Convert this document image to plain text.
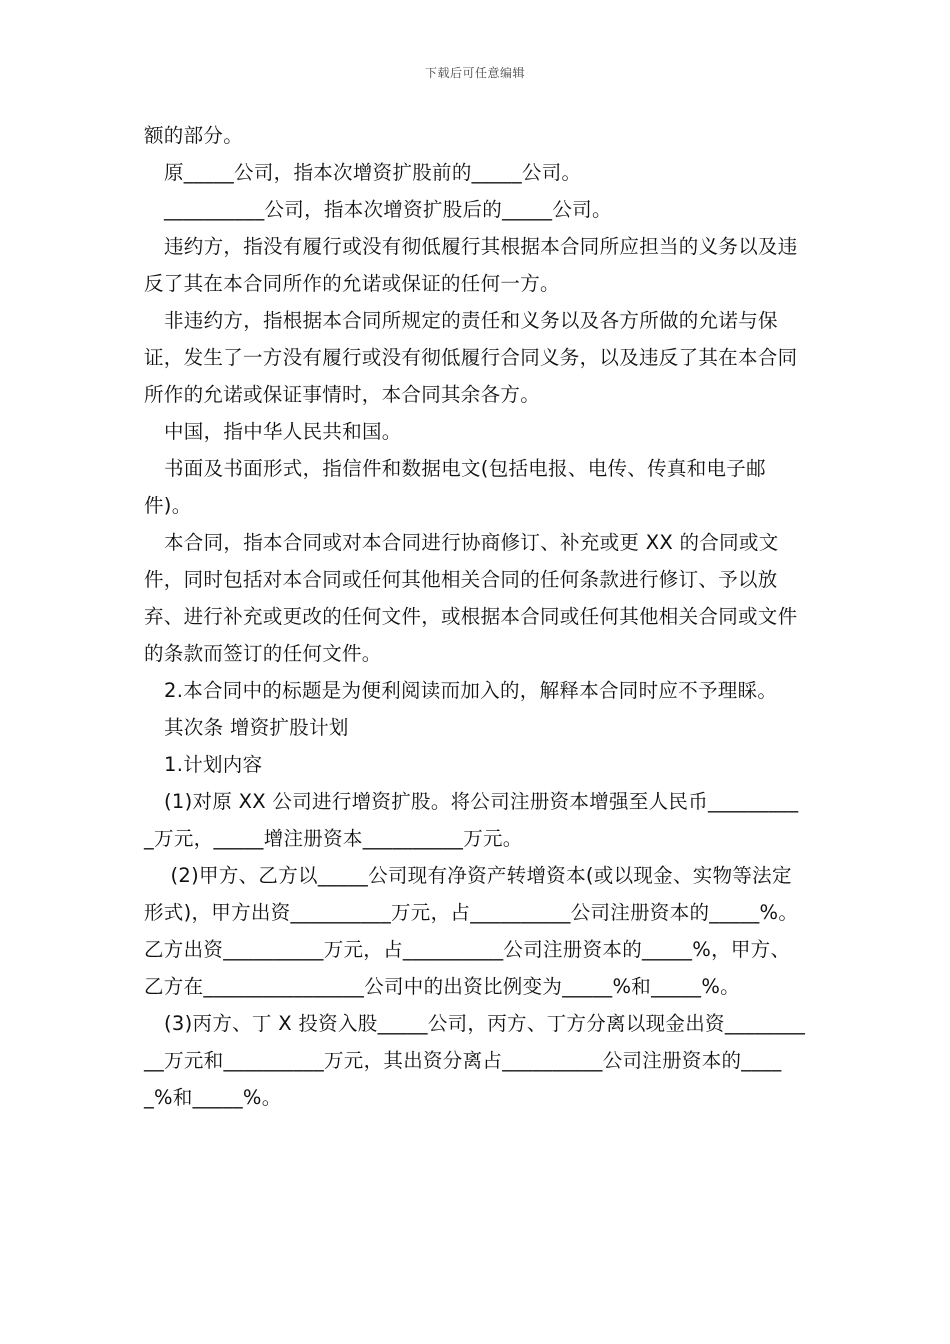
下载后可任意编辑

额的部分。

原_____公司，指本次增资扩股前的_____公司。

__________公司，指本次增资扩股后的_____公司。

违约方，指没有履行或没有彻低履行其根据本合同所应担当的义务以及违反了其在本合同所作的允诺或保证的任何一方。

非违约方，指根据本合同所规定的责任和义务以及各方所做的允诺与保证，发生了一方没有履行或没有彻低履行合同义务，以及违反了其在本合同所作的允诺或保证事情时，本合同其余各方。

中国，指中华人民共和国。

书面及书面形式，指信件和数据电文(包括电报、电传、传真和电子邮件)。

本合同，指本合同或对本合同进行协商修订、补充或更 XX 的合同或文件，同时包括对本合同或任何其他相关合同的任何条款进行修订、予以放弃、进行补充或更改的任何文件，或根据本合同或任何其他相关合同或文件的条款而签订的任何文件。

2.本合同中的标题是为便利阅读而加入的，解释本合同时应不予理睬。

其次条 增资扩股计划

1.计划内容

(1)对原 XX 公司进行增资扩股。将公司注册资本增强至人民币__________万元，_____增注册资本__________万元。

(2)甲方、乙方以_____公司现有净资产转增资本(或以现金、实物等法定形式)，甲方出资__________万元，占__________公司注册资本的_____%。乙方出资__________万元，占__________公司注册资本的_____%，甲方、乙方在________________公司中的出资比例变为_____%和_____%。

(3)丙方、丁 X 投资入股_____公司，丙方、丁方分离以现金出资__________万元和__________万元，其出资分离占__________公司注册资本的_____%和_____%。
